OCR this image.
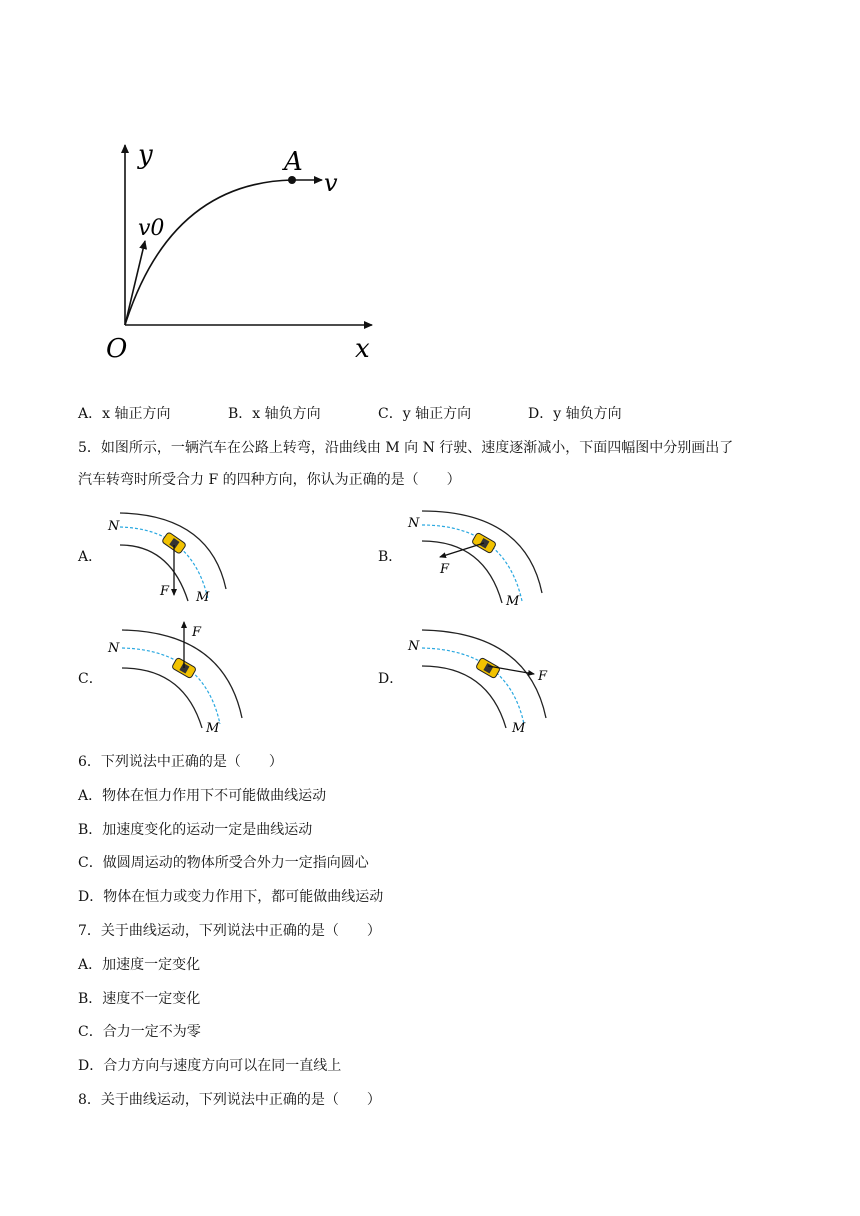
y
x
O
A
v
v0
A．x 轴正方向	B．x 轴负方向	C．y 轴正方向	D．y 轴负方向
5．如图所示，一辆汽车在公路上转弯，沿曲线由 M 向 N 行驶、速度逐渐减小，下面四幅图中分别画出了
汽车转弯时所受合力 F 的四种方向，你认为正确的是（　　）
A．	B．
C．	D．
N
M
F
N
M
F
N
M
F
N
M
F
6．下列说法中正确的是（　　）
A．物体在恒力作用下不可能做曲线运动
B．加速度变化的运动一定是曲线运动
C．做圆周运动的物体所受合外力一定指向圆心
D．物体在恒力或变力作用下，都可能做曲线运动
7．关于曲线运动，下列说法中正确的是（　　）
A．加速度一定变化
B．速度不一定变化
C．合力一定不为零
D．合力方向与速度方向可以在同一直线上
8．关于曲线运动，下列说法中正确的是（　　）
